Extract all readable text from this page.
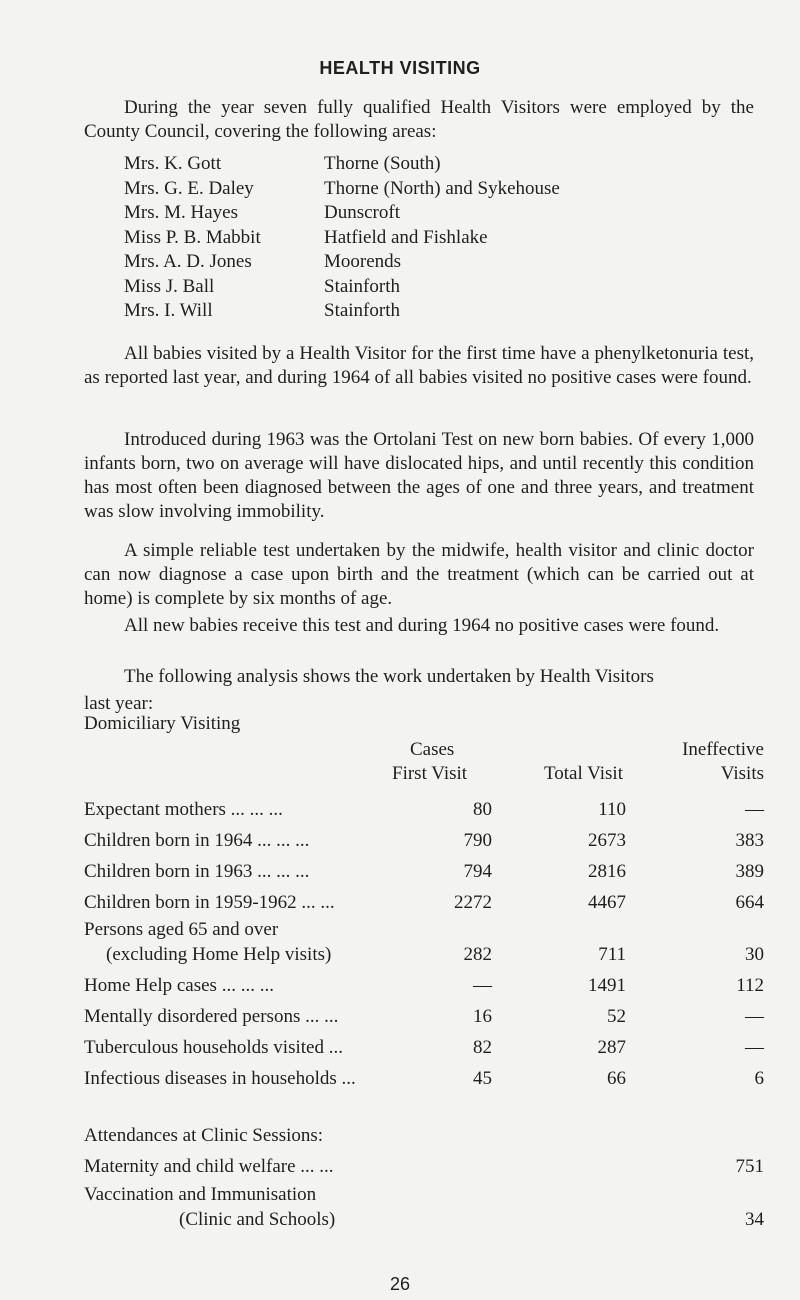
HEALTH VISITING

During the year seven fully qualified Health Visitors were employed by the County Council, covering the following areas:

Mrs. K. Gott	Thorne (South)
Mrs. G. E. Daley	Thorne (North) and Sykehouse
Mrs. M. Hayes	Dunscroft
Miss P. B. Mabbit	Hatfield and Fishlake
Mrs. A. D. Jones	Moorends
Miss J. Ball	Stainforth
Mrs. I. Will	Stainforth

All babies visited by a Health Visitor for the first time have a phenylketonuria test, as reported last year, and during 1964 of all babies visited no positive cases were found.

Introduced during 1963 was the Ortolani Test on new born babies. Of every 1,000 infants born, two on average will have dislocated hips, and until recently this condition has most often been diagnosed between the ages of one and three years, and treatment was slow involving immobility.

A simple reliable test undertaken by the midwife, health visitor and clinic doctor can now diagnose a case upon birth and the treatment (which can be carried out at home) is complete by six months of age.

All new babies receive this test and during 1964 no positive cases were found.

The following analysis shows the work undertaken by Health Visitors

last year:
Domiciliary Visiting
Cases
First Visit	Total Visit
Ineffective
Visits
Expectant mothers ... ... ...	80	110	—
Children born in 1964 ... ... ...	790	2673	383
Children born in 1963 ... ... ...	794	2816	389
Children born in 1959-1962 ... ...	2272	4467	664
Persons aged 65 and over
(excluding Home Help visits)	282	711	30
Home Help cases ... ... ...	—	1491	112
Mentally disordered persons ... ...	16	52	—
Tuberculous households visited ...	82	287	—
Infectious diseases in households ...	45	66	6
Attendances at Clinic Sessions:
Maternity and child welfare ... ...	751
Vaccination and Immunisation
(Clinic and Schools)	34
26
